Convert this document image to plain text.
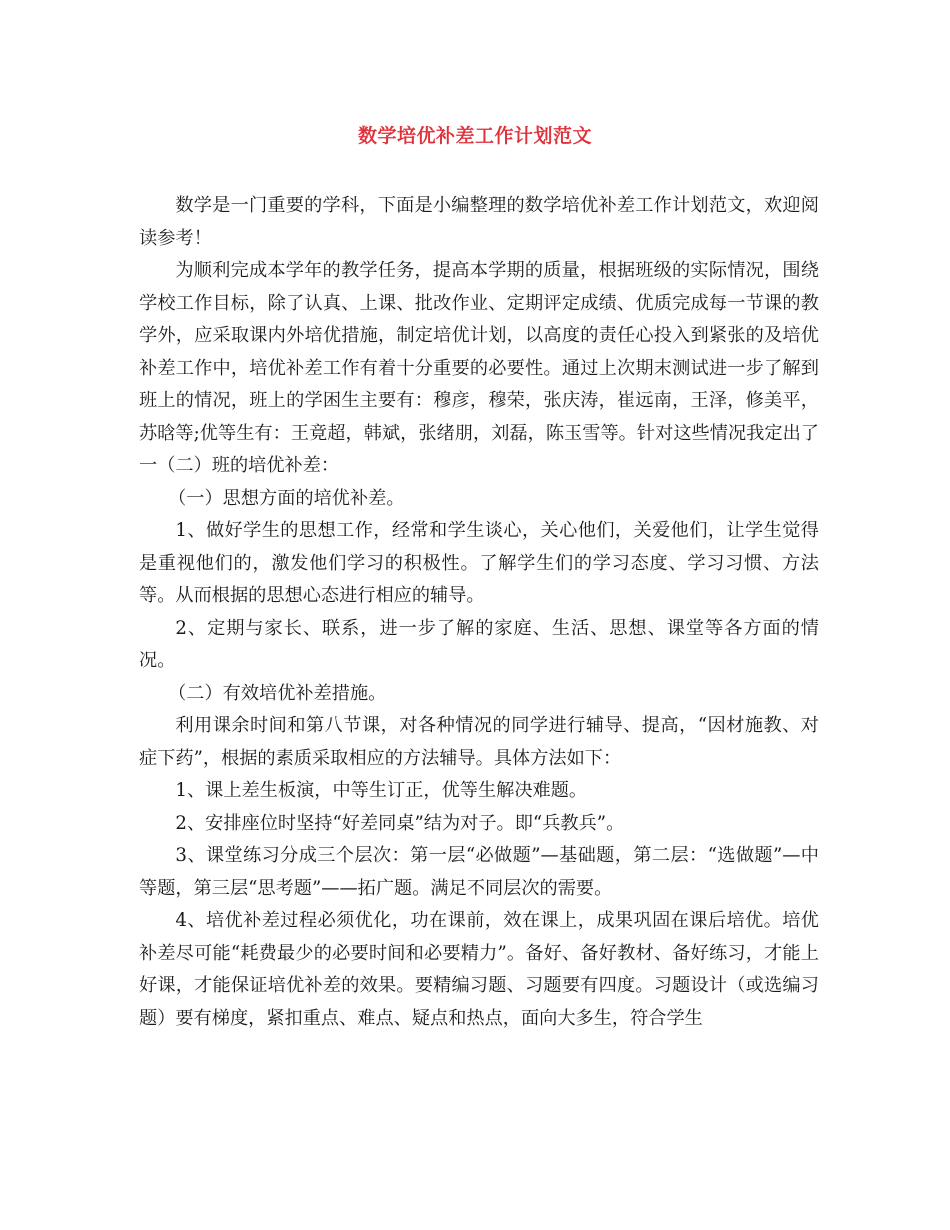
数学培优补差工作计划范文

数学是一门重要的学科，下面是小编整理的数学培优补差工作计划范文，欢迎阅读参考！

为顺利完成本学年的教学任务，提高本学期的质量，根据班级的实际情况，围绕学校工作目标，除了认真、上课、批改作业、定期评定成绩、优质完成每一节课的教学外，应采取课内外培优措施，制定培优计划，以高度的责任心投入到紧张的及培优补差工作中，培优补差工作有着十分重要的必要性。通过上次期末测试进一步了解到班上的情况，班上的学困生主要有：穆彦，穆荣，张庆涛，崔远南，王泽，修美平，苏晗等;优等生有：王竟超，韩斌，张绪朋，刘磊，陈玉雪等。针对这些情况我定出了一（二）班的培优补差：

（一）思想方面的培优补差。

1、做好学生的思想工作，经常和学生谈心，关心他们，关爱他们，让学生觉得是重视他们的，激发他们学习的积极性。了解学生们的学习态度、学习习惯、方法等。从而根据的思想心态进行相应的辅导。

2、定期与家长、联系，进一步了解的家庭、生活、思想、课堂等各方面的情况。

（二）有效培优补差措施。

利用课余时间和第八节课，对各种情况的同学进行辅导、提高，“因材施教、对症下药”，根据的素质采取相应的方法辅导。具体方法如下：

1、课上差生板演，中等生订正，优等生解决难题。

2、安排座位时坚持“好差同桌”结为对子。即“兵教兵”。

3、课堂练习分成三个层次：第一层“必做题”—基础题，第二层：“选做题”—中等题，第三层“思考题”——拓广题。满足不同层次的需要。

4、培优补差过程必须优化，功在课前，效在课上，成果巩固在课后培优。培优补差尽可能“耗费最少的必要时间和必要精力”。备好、备好教材、备好练习，才能上好课，才能保证培优补差的效果。要精编习题、习题要有四度。习题设计（或选编习题）要有梯度，紧扣重点、难点、疑点和热点，面向大多生，符合学生
